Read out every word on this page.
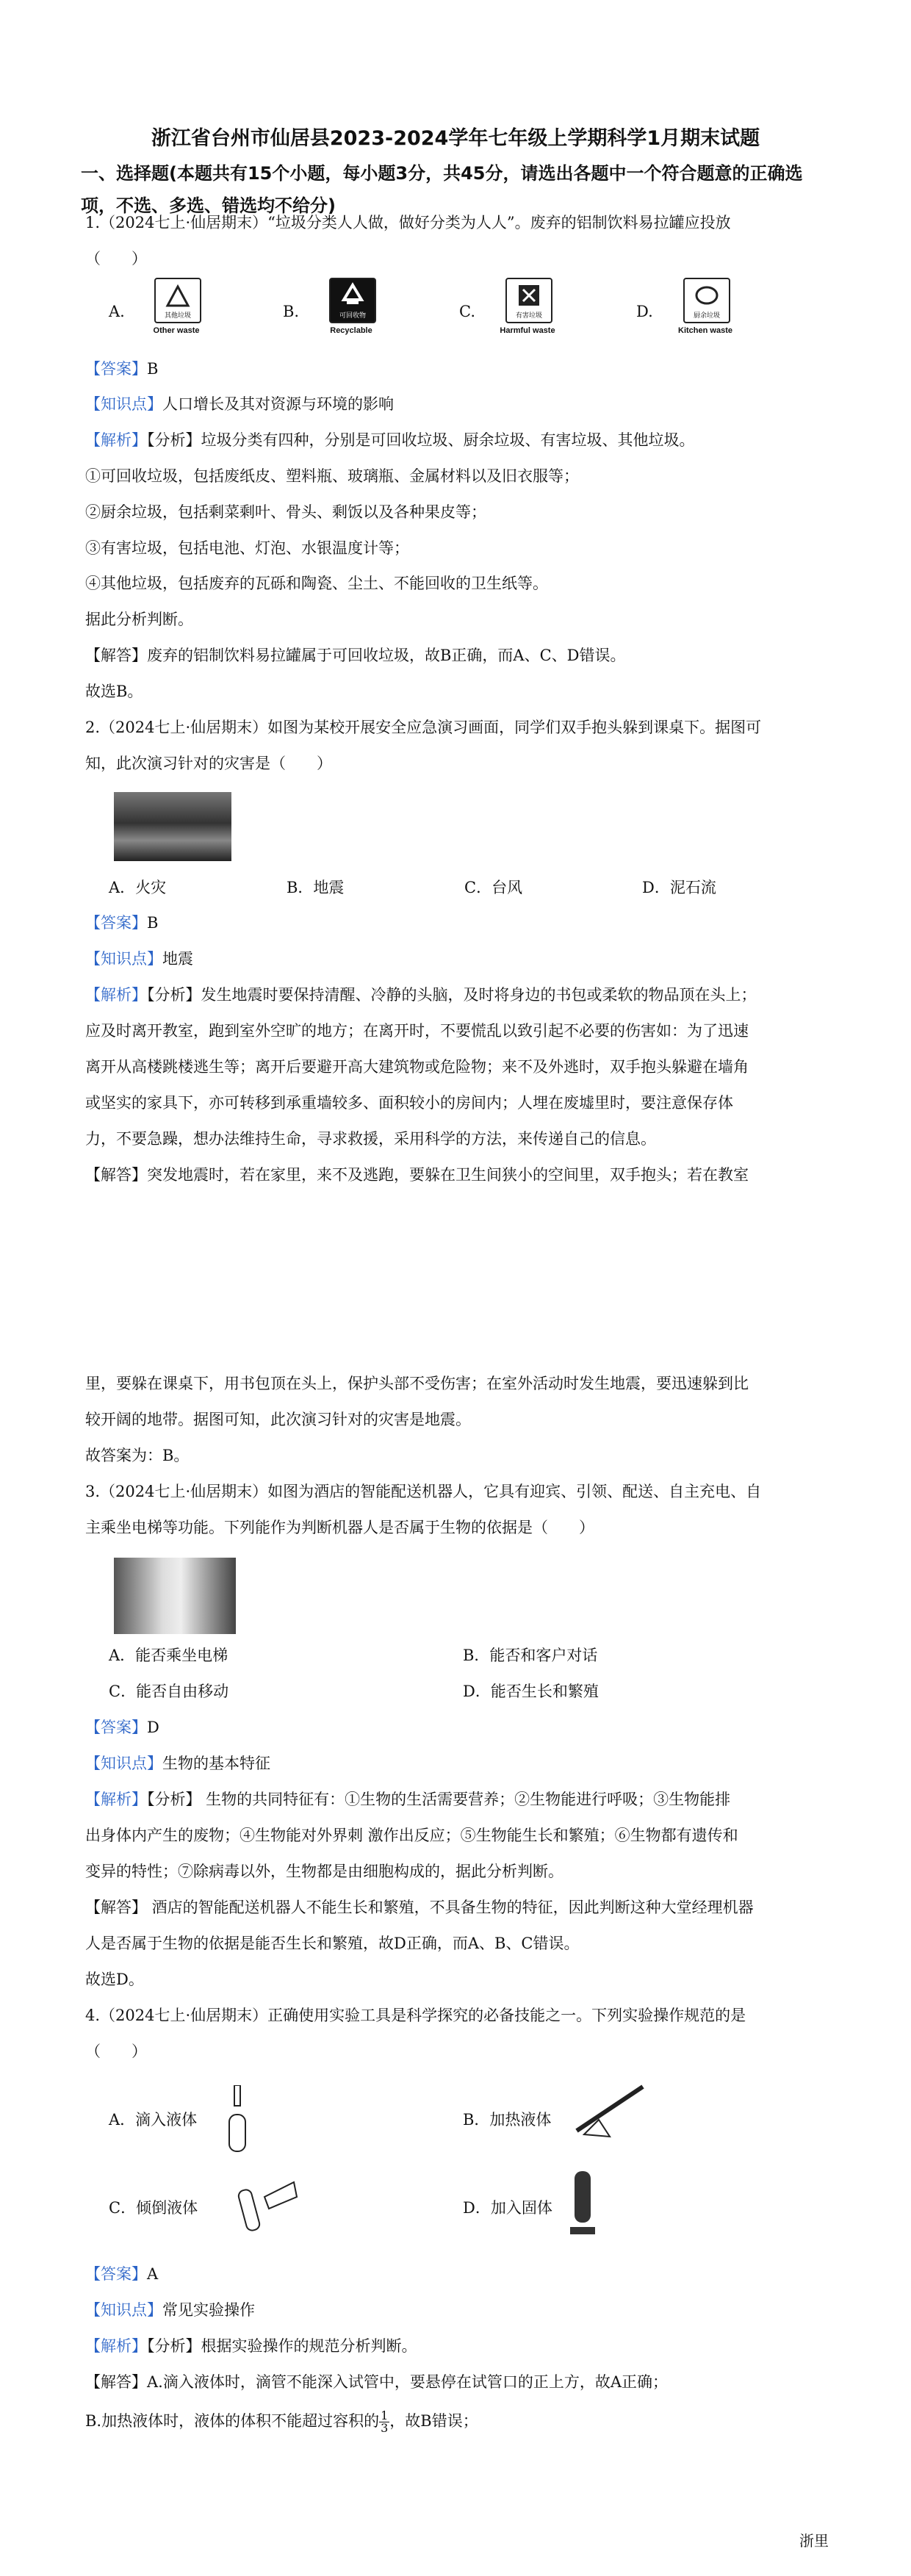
浙江省台州市仙居县2023-2024学年七年级上学期科学1月期末试题
一、选择题(本题共有15个小题，每小题3分，共45分，请选出各题中一个符合题意的正确选项，不选、多选、错选均不给分)
1.（2024七上·仙居期末）“垃圾分类人人做，做好分类为人人”。废弃的铝制饮料易拉罐应投放
（　　）
A.	其他垃圾
Other waste
B.	可回收物
Recyclable
C.	有害垃圾
Harmful waste
D.	厨余垃圾
Kitchen waste
【答案】B
【知识点】人口增长及其对资源与环境的影响
【解析】【分析】垃圾分类有四种，分别是可回收垃圾、厨余垃圾、有害垃圾、其他垃圾。
①可回收垃圾，包括废纸皮、塑料瓶、玻璃瓶、金属材料以及旧衣服等；
②厨余垃圾，包括剩菜剩叶、骨头、剩饭以及各种果皮等；
③有害垃圾，包括电池、灯泡、水银温度计等；
④其他垃圾，包括废弃的瓦砾和陶瓷、尘土、不能回收的卫生纸等。
据此分析判断。
【解答】废弃的铝制饮料易拉罐属于可回收垃圾，故B正确，而A、C、D错误。
故选B。
2.（2024七上·仙居期末）如图为某校开展安全应急演习画面，同学们双手抱头躲到课桌下。据图可
知，此次演习针对的灾害是（　　）
A．火灾	B．地震	C．台风	D．泥石流
【答案】B
【知识点】地震
【解析】【分析】发生地震时要保持清醒、冷静的头脑，及时将身边的书包或柔软的物品顶在头上；
应及时离开教室，跑到室外空旷的地方；在离开时，不要慌乱以致引起不必要的伤害如：为了迅速
离开从高楼跳楼逃生等；离开后要避开高大建筑物或危险物；来不及外逃时，双手抱头躲避在墙角
或坚实的家具下，亦可转移到承重墙较多、面积较小的房间内；人埋在废墟里时，要注意保存体
力，不要急躁，想办法维持生命，寻求救援，采用科学的方法，来传递自己的信息。
【解答】突发地震时，若在家里，来不及逃跑，要躲在卫生间狭小的空间里，双手抱头；若在教室
里，要躲在课桌下，用书包顶在头上，保护头部不受伤害；在室外活动时发生地震，要迅速躲到比
较开阔的地带。据图可知，此次演习针对的灾害是地震。
故答案为：B。
3.（2024七上·仙居期末）如图为酒店的智能配送机器人，它具有迎宾、引领、配送、自主充电、自
主乘坐电梯等功能。下列能作为判断机器人是否属于生物的依据是（　　）
A．能否乘坐电梯	B．能否和客户对话
C．能否自由移动	D．能否生长和繁殖
【答案】D
【知识点】生物的基本特征
【解析】【分析】 生物的共同特征有：①生物的生活需要营养；②生物能进行呼吸；③生物能排
出身体内产生的废物；④生物能对外界刺 激作出反应；⑤生物能生长和繁殖；⑥生物都有遗传和
变异的特性；⑦除病毒以外，生物都是由细胞构成的，据此分析判断。
【解答】 酒店的智能配送机器人不能生长和繁殖，不具备生物的特征，因此判断这种大堂经理机器
人是否属于生物的依据是能否生长和繁殖，故D正确，而A、B、C错误。
故选D。
4.（2024七上·仙居期末）正确使用实验工具是科学探究的必备技能之一。下列实验操作规范的是
（　　）
A．滴入液体	B．加热液体
C．倾倒液体	D．加入固体
【答案】A
【知识点】常见实验操作
【解析】【分析】根据实验操作的规范分析判断。
【解答】A.滴入液体时，滴管不能深入试管中，要悬停在试管口的正上方，故A正确；
B.加热液体时，液体的体积不能超过容积的 $\frac{1}{3}$ ，故B错误；
浙里
